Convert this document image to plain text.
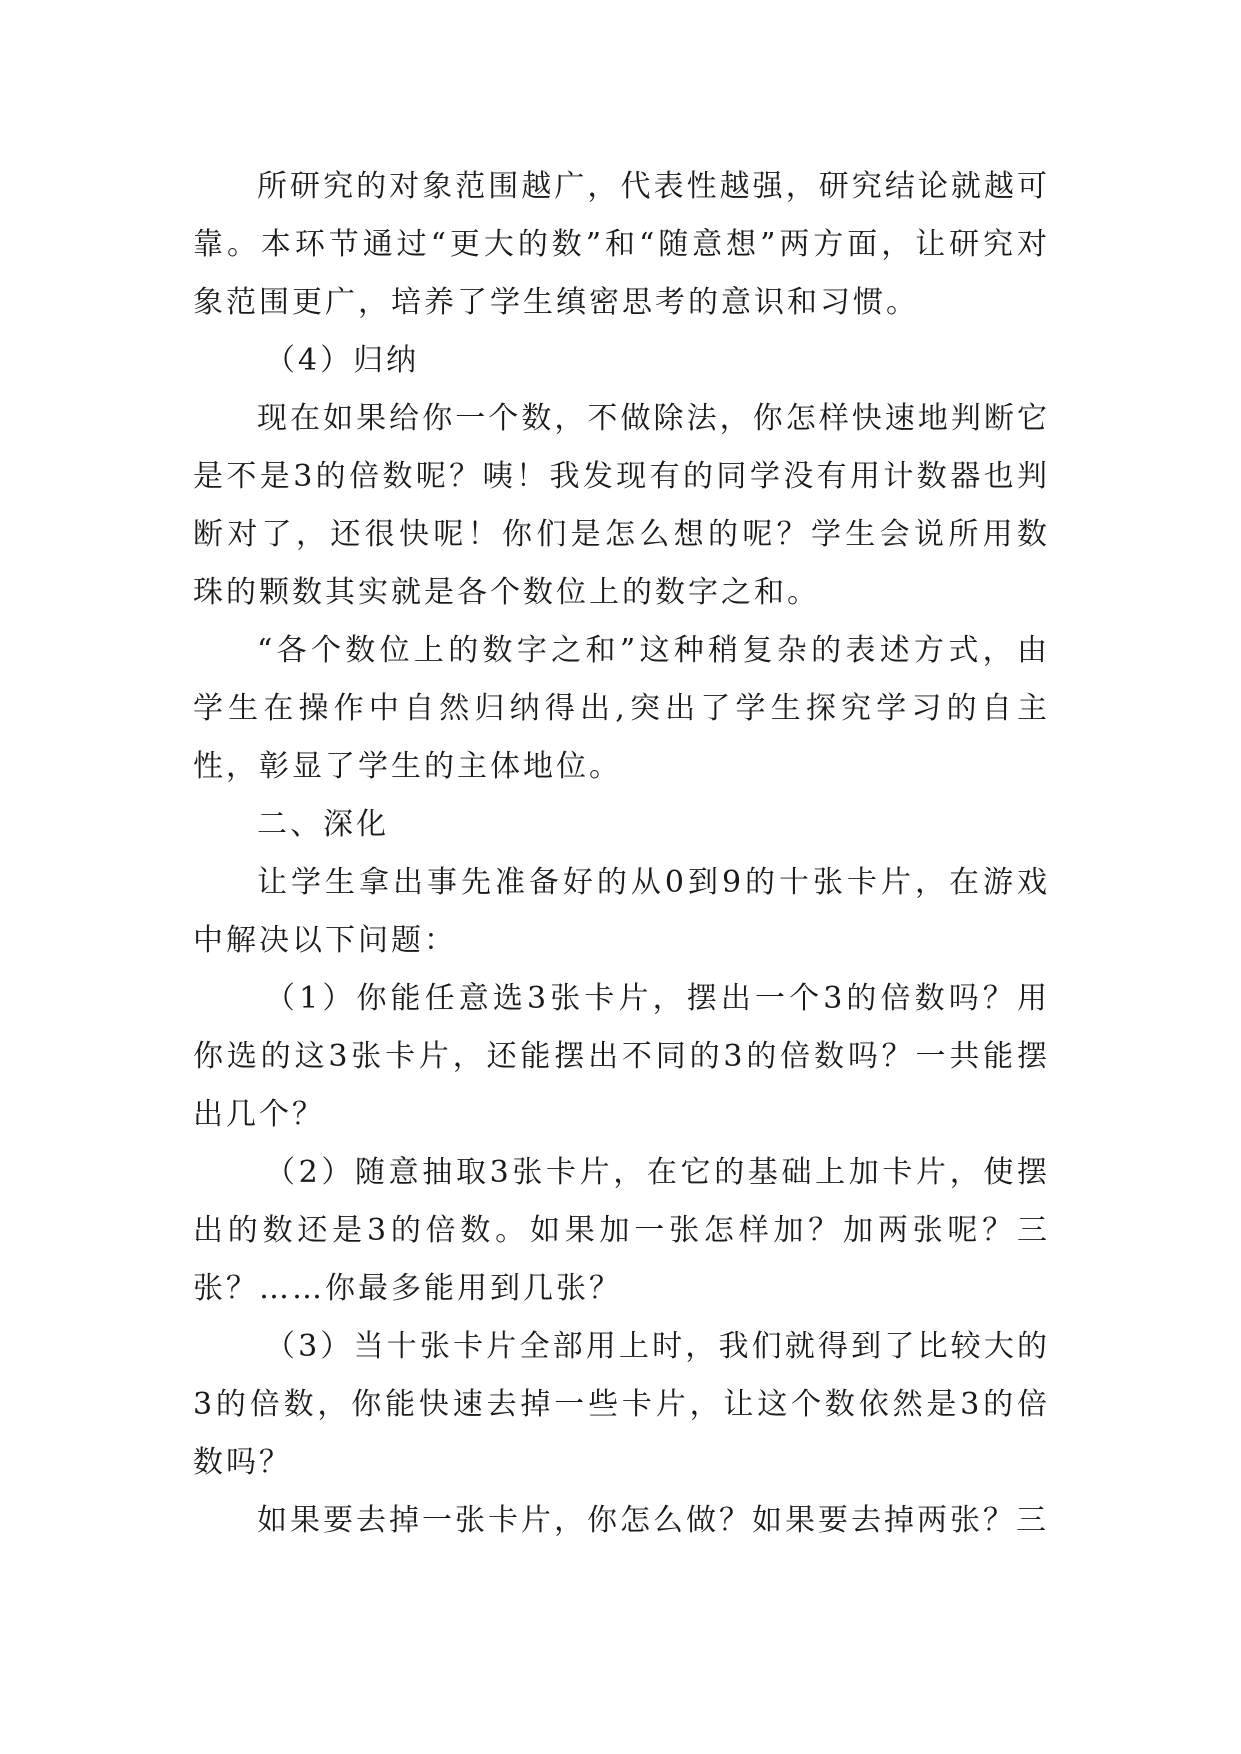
所研究的对象范围越广，代表性越强，研究结论就越可靠。本环节通过“更大的数”和“随意想”两方面，让研究对象范围更广，培养了学生缜密思考的意识和习惯。

（4）归纳

现在如果给你一个数，不做除法，你怎样快速地判断它是不是3的倍数呢？咦！我发现有的同学没有用计数器也判断对了，还很快呢！你们是怎么想的呢？学生会说所用数珠的颗数其实就是各个数位上的数字之和。

“各个数位上的数字之和”这种稍复杂的表述方式，由学生在操作中自然归纳得出,突出了学生探究学习的自主性，彰显了学生的主体地位。

二、深化

让学生拿出事先准备好的从0到9的十张卡片，在游戏中解决以下问题：

（1）你能任意选3张卡片，摆出一个3的倍数吗？用你选的这3张卡片，还能摆出不同的3的倍数吗？一共能摆出几个？

（2）随意抽取3张卡片，在它的基础上加卡片，使摆出的数还是3的倍数。如果加一张怎样加？加两张呢？三张？……你最多能用到几张？

（3）当十张卡片全部用上时，我们就得到了比较大的3的倍数，你能快速去掉一些卡片，让这个数依然是3的倍数吗？

如果要去掉一张卡片，你怎么做？如果要去掉两张？三
